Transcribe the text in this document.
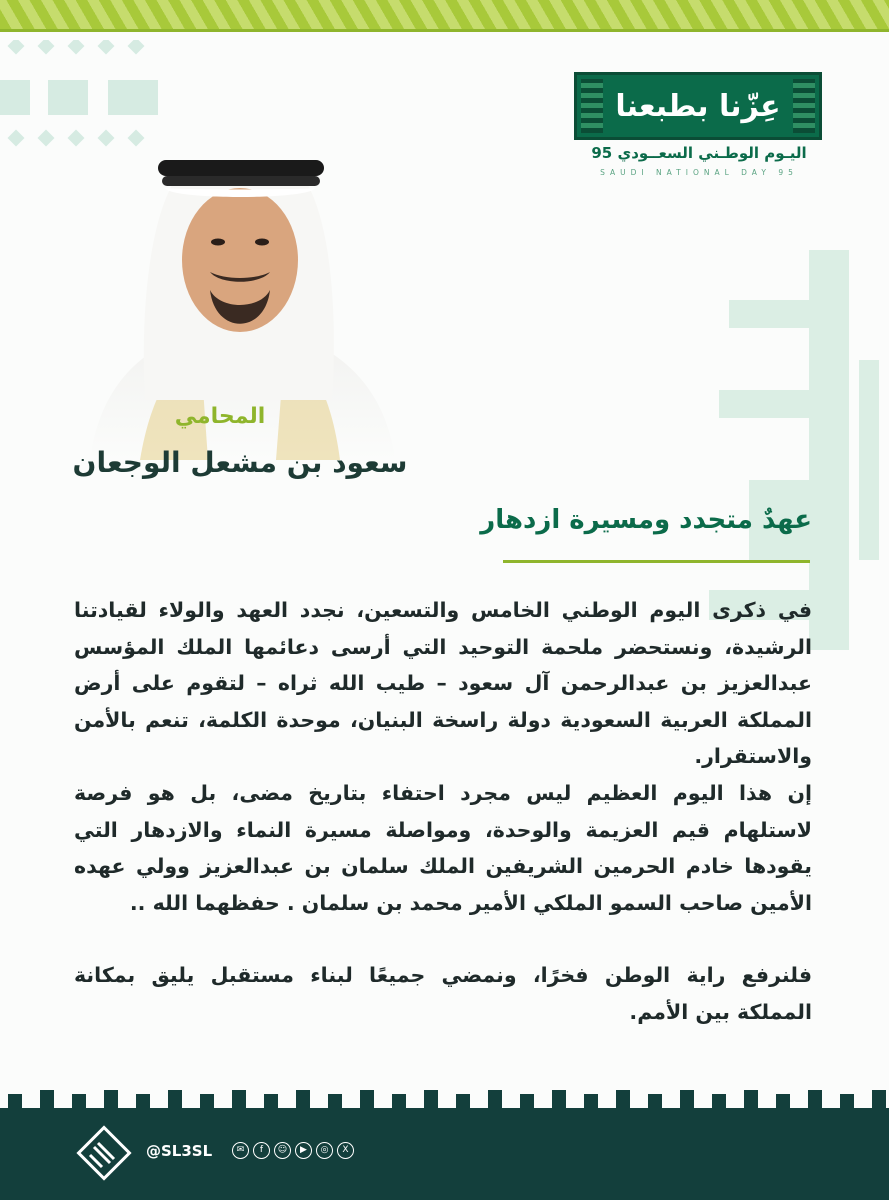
عِزّنا بطبعنا
اليـوم الوطـني السعــودي 95
SAUDI NATIONAL DAY 95
المحامي
سعود بن مشعل الوجعان
عهدٌ متجدد ومسيرة ازدهار

في ذكرى اليوم الوطني الخامس والتسعين، نجدد العهد والولاء لقيادتنا الرشيدة، ونستحضر ملحمة التوحيد التي أرسى دعائمها الملك المؤسس عبدالعزيز بن عبدالرحمن آل سعود – طيب الله ثراه – لتقوم على أرض المملكة العربية السعودية دولة راسخة البنيان، موحدة الكلمة، تنعم بالأمن والاستقرار.

إن هذا اليوم العظيم ليس مجرد احتفاء بتاريخ مضى، بل هو فرصة لاستلهام قيم العزيمة والوحدة، ومواصلة مسيرة النماء والازدهار التي يقودها خادم الحرمين الشريفين الملك سلمان بن عبدالعزيز وولي عهده الأمين صاحب السمو الملكي الأمير محمد بن سلمان . حفظهما الله ..

فلنرفع راية الوطن فخرًا، ونمضي جميعًا لبناء مستقبل يليق بمكانة المملكة بين الأمم.

@SL3SL	✉	f	☺	▶	◎	X
